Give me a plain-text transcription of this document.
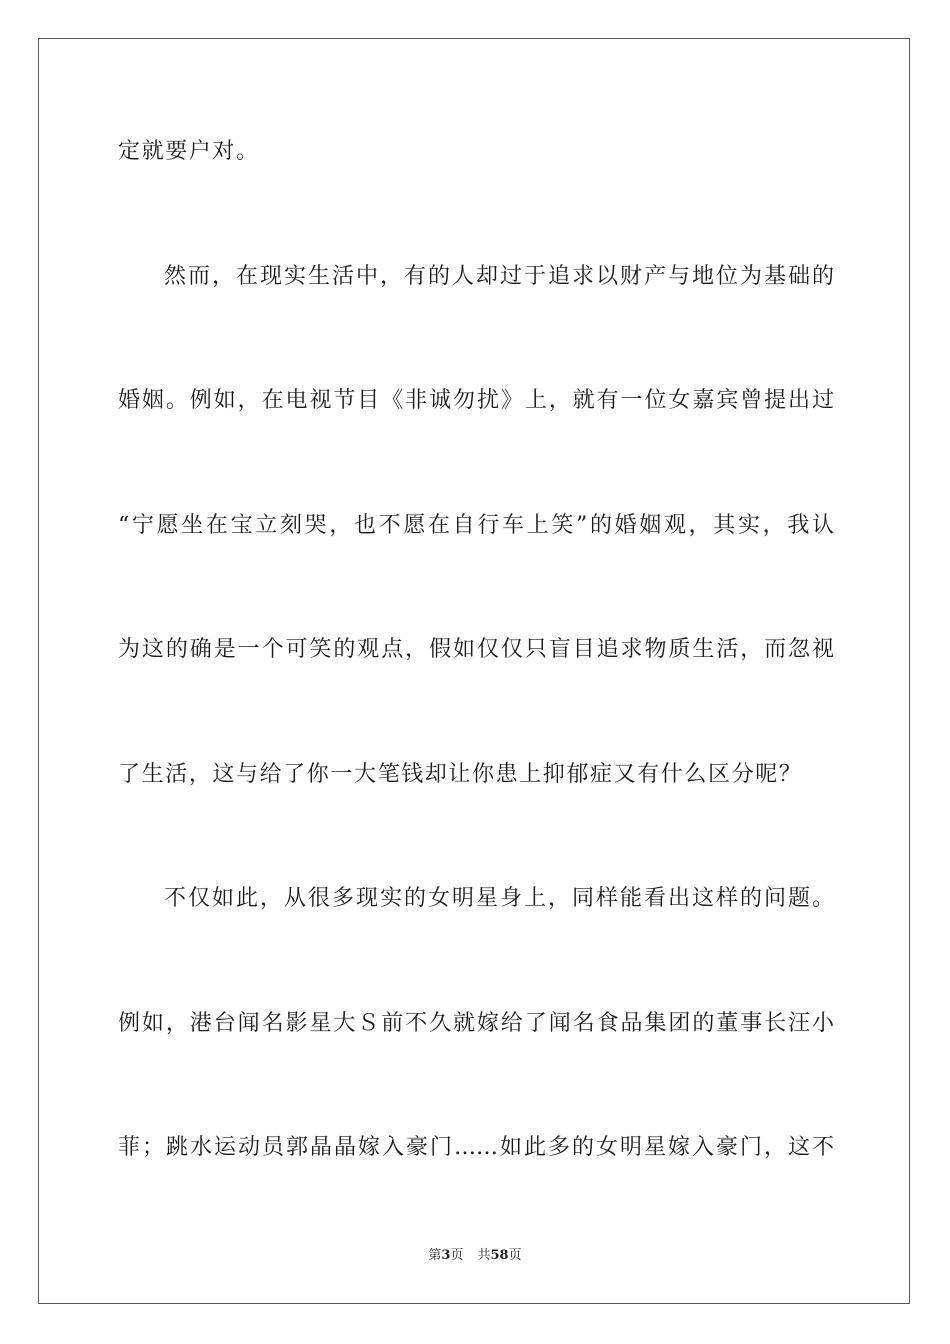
定就要户对。
然而，在现实生活中，有的人却过于追求以财产与地位为基础的
婚姻。例如，在电视节目《非诚勿扰》上，就有一位女嘉宾曾提出过
“宁愿坐在宝立刻哭，也不愿在自行车上笑”的婚姻观，其实，我认
为这的确是一个可笑的观点，假如仅仅只盲目追求物质生活，而忽视
了生活，这与给了你一大笔钱却让你患上抑郁症又有什么区分呢？
不仅如此，从很多现实的女明星身上，同样能看出这样的问题。
例如，港台闻名影星大Ｓ前不久就嫁给了闻名食品集团的董事长汪小
菲；跳水运动员郭晶晶嫁入豪门……如此多的女明星嫁入豪门，这不
第3页 共58页
